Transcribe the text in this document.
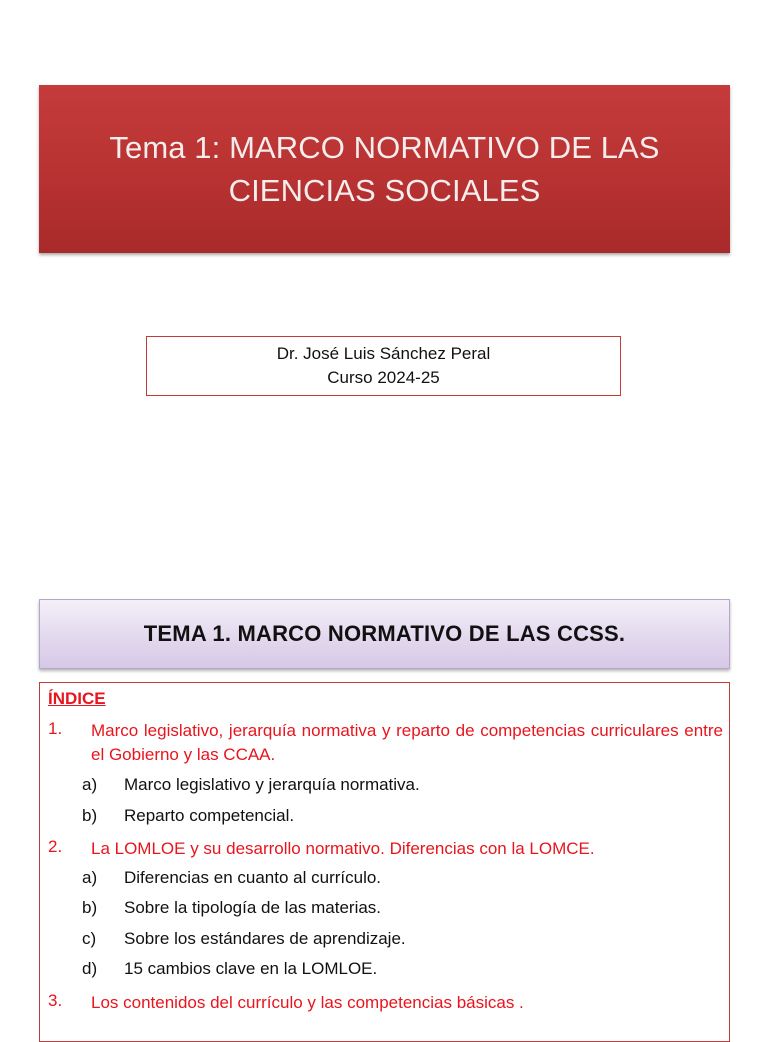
Tema 1: MARCO NORMATIVO DE LAS CIENCIAS SOCIALES
Dr. José Luis Sánchez Peral
Curso 2024-25
TEMA 1. MARCO NORMATIVO DE LAS CCSS.
ÍNDICE
1. Marco legislativo, jerarquía normativa y reparto de competencias curriculares entre el Gobierno y las CCAA.
a) Marco legislativo y jerarquía normativa.
b) Reparto competencial.
2. La LOMLOE y su desarrollo normativo. Diferencias con la LOMCE.
a) Diferencias en cuanto al currículo.
b) Sobre la tipología de las materias.
c) Sobre los estándares de aprendizaje.
d) 15 cambios clave en la LOMLOE.
3. Los contenidos del currículo y las competencias básicas .
